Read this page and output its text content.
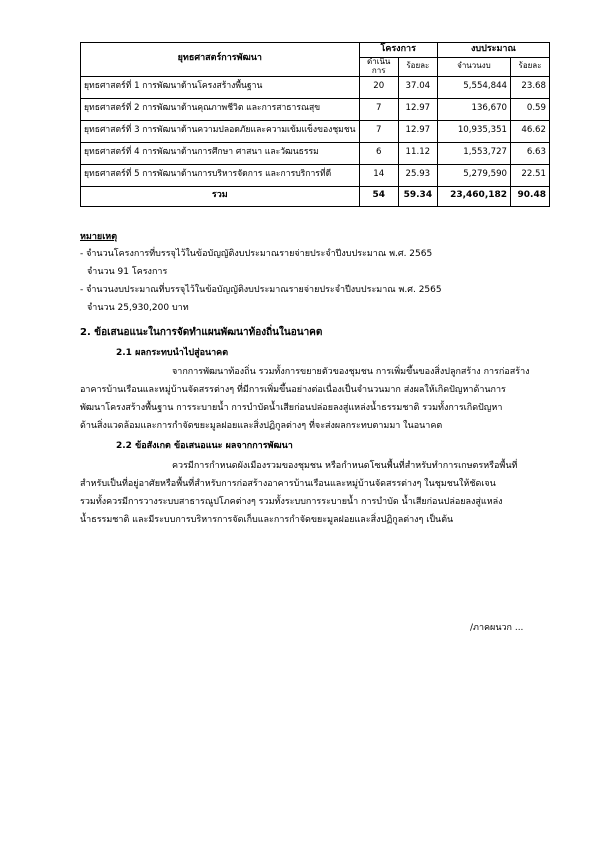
ยุทธศาสตร์การพัฒนา	โครงการ		งบประมาณ	
	ดำเนินการ	ร้อยละ	จำนวนงบ	ร้อยละ
ยุทธศาสตร์ที่ 1 การพัฒนาด้านโครงสร้างพื้นฐาน	20	37.04	5,554,844	23.68
ยุทธศาสตร์ที่ 2 การพัฒนาด้านคุณภาพชีวิต และการสาธารณสุข	7	12.97	136,670	0.59
ยุทธศาสตร์ที่ 3 การพัฒนาด้านความปลอดภัยและความเข้มแข็งของชุมชน	7	12.97	10,935,351	46.62
ยุทธศาสตร์ที่ 4 การพัฒนาด้านการศึกษา ศาสนา และวัฒนธรรม	6	11.12	1,553,727	6.63
ยุทธศาสตร์ที่ 5 การพัฒนาด้านการบริหารจัดการ และการบริการที่ดี	14	25.93	5,279,590	22.51
รวม	54	59.34	23,460,182	90.48
หมายเหตุ
- จำนวนโครงการที่บรรจุไว้ในข้อบัญญัติงบประมาณรายจ่ายประจำปีงบประมาณ พ.ศ. 2565
จำนวน 91 โครงการ
- จำนวนงบประมาณที่บรรจุไว้ในข้อบัญญัติงบประมาณรายจ่ายประจำปีงบประมาณ พ.ศ. 2565
จำนวน 25,930,200 บาท
2. ข้อเสนอแนะในการจัดทำแผนพัฒนาท้องถิ่นในอนาคต
2.1 ผลกระทบนำไปสู่อนาคต
จากการพัฒนาท้องถิ่น รวมทั้งการขยายตัวของชุมชน การเพิ่มขึ้นของสิ่งปลูกสร้าง การก่อสร้าง
อาคารบ้านเรือนและหมู่บ้านจัดสรรต่างๆ ที่มีการเพิ่มขึ้นอย่างต่อเนื่องเป็นจำนวนมาก ส่งผลให้เกิดปัญหาด้านการ
พัฒนาโครงสร้างพื้นฐาน การระบายน้ำ การบำบัดน้ำเสียก่อนปล่อยลงสู่แหล่งน้ำธรรมชาติ รวมทั้งการเกิดปัญหา
ด้านสิ่งแวดล้อมและการกำจัดขยะมูลฝอยและสิ่งปฏิกูลต่างๆ ที่จะส่งผลกระทบตามมา ในอนาคต
2.2 ข้อสังเกต ข้อเสนอแนะ ผลจากการพัฒนา
ควรมีการกำหนดผังเมืองรวมของชุมชน หรือกำหนดโซนพื้นที่สำหรับทำการเกษตรหรือพื้นที่
สำหรับเป็นที่อยู่อาศัยหรือพื้นที่สำหรับการก่อสร้างอาคารบ้านเรือนและหมู่บ้านจัดสรรต่างๆ ในชุมชนให้ชัดเจน
รวมทั้งควรมีการวางระบบสาธารณูปโภคต่างๆ รวมทั้งระบบการระบายน้ำ การบำบัด น้ำเสียก่อนปล่อยลงสู่แหล่ง
น้ำธรรมชาติ และมีระบบการบริหารการจัดเก็บและการกำจัดขยะมูลฝอยและสิ่งปฏิกูลต่างๆ เป็นต้น
/ภาคผนวก ...
